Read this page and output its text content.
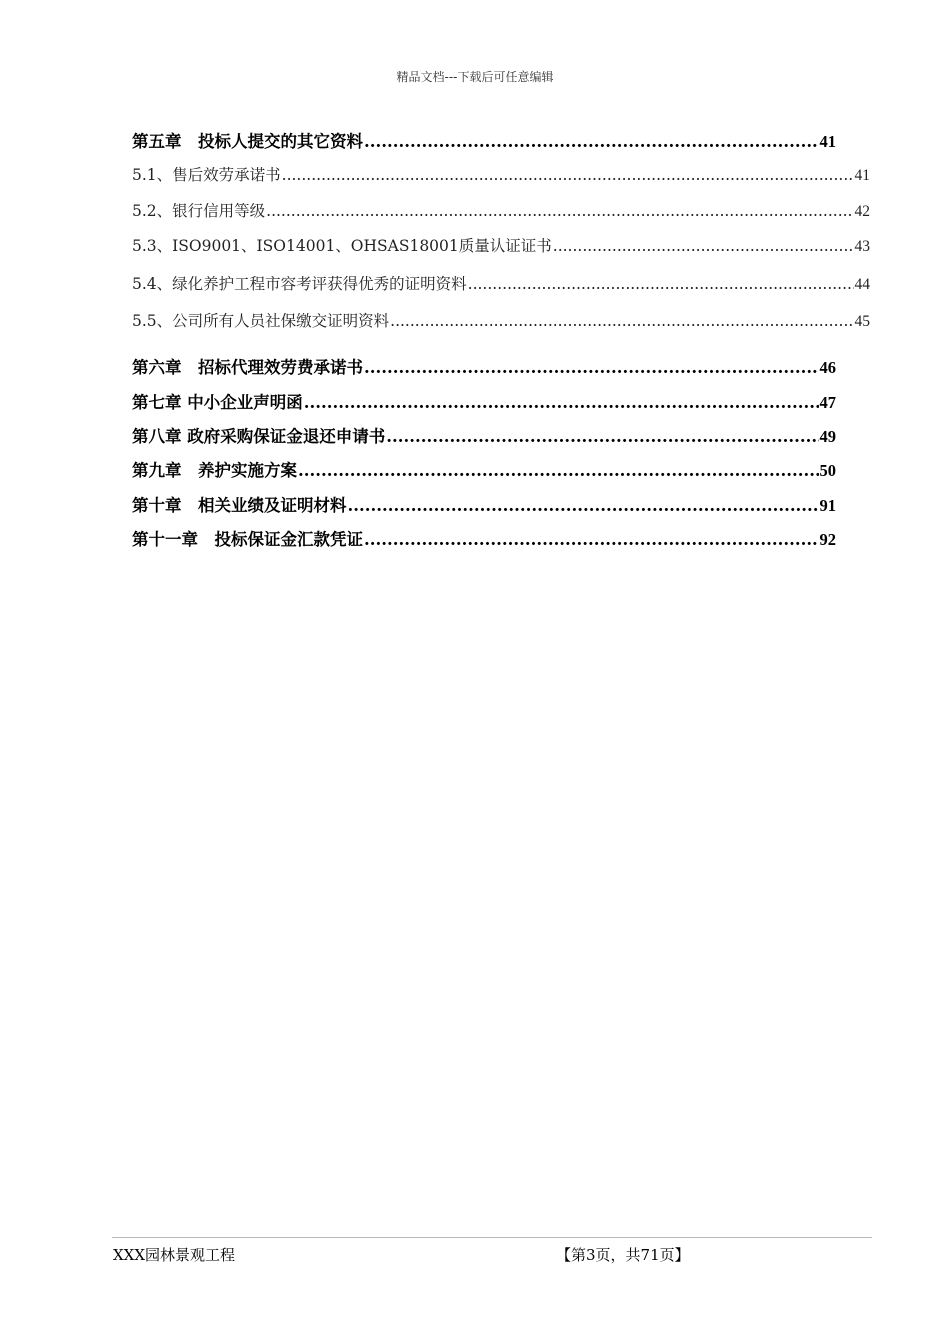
精品文档---下载后可任意编辑
第五章　投标人提交的其它资料 .....	41
5.1、售后效劳承诺书 .....	41
5.2、银行信用等级 .....	42
5.3、ISO9001、ISO14001、OHSAS18001质量认证证书 .....	43
5.4、绿化养护工程市容考评获得优秀的证明资料 .....	44
5.5、公司所有人员社保缴交证明资料 .....	45
第六章　招标代理效劳费承诺书 .....	46
第七章 中小企业声明函 .....	47
第八章 政府采购保证金退还申请书 .....	49
第九章　养护实施方案 .....	50
第十章　相关业绩及证明材料 .....	91
第十一章　投标保证金汇款凭证 .....	92
XXX园林景观工程	【第3页，共71页】
